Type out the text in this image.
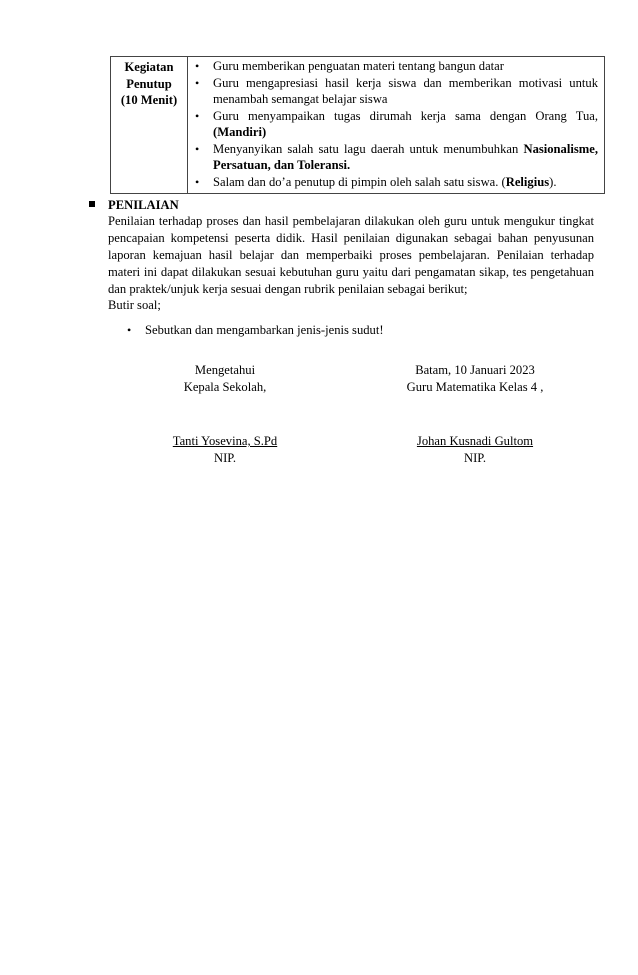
Kegiatan
Penutup
(10 Menit)

• Guru memberikan penguatan materi tentang bangun datar
• Guru mengapresiasi hasil kerja siswa dan memberikan motivasi untuk menambah semangat belajar siswa
• Guru menyampaikan tugas dirumah kerja sama dengan Orang Tua, (Mandiri)
• Menyanyikan salah satu lagu daerah untuk menumbuhkan Nasionalisme, Persatuan, dan Toleransi.
• Salam dan do’a penutup di pimpin oleh salah satu siswa. (Religius).
PENILAIAN

Penilaian terhadap proses dan hasil pembelajaran dilakukan oleh guru untuk mengukur tingkat pencapaian kompetensi peserta didik. Hasil penilaian digunakan sebagai bahan penyusunan laporan kemajuan hasil belajar dan memperbaiki proses pembelajaran. Penilaian terhadap materi ini dapat dilakukan sesuai kebutuhan guru yaitu dari pengamatan sikap, tes pengetahuan dan praktek/unjuk kerja sesuai dengan rubrik penilaian sebagai berikut;

Butir soal;
• Sebutkan dan mengambarkan jenis-jenis sudut!
Mengetahui
Kepala Sekolah,
Tanti Yosevina, S.Pd
NIP.
Batam, 10 Januari 2023
Guru Matematika Kelas 4 ,
Johan Kusnadi Gultom
NIP.
